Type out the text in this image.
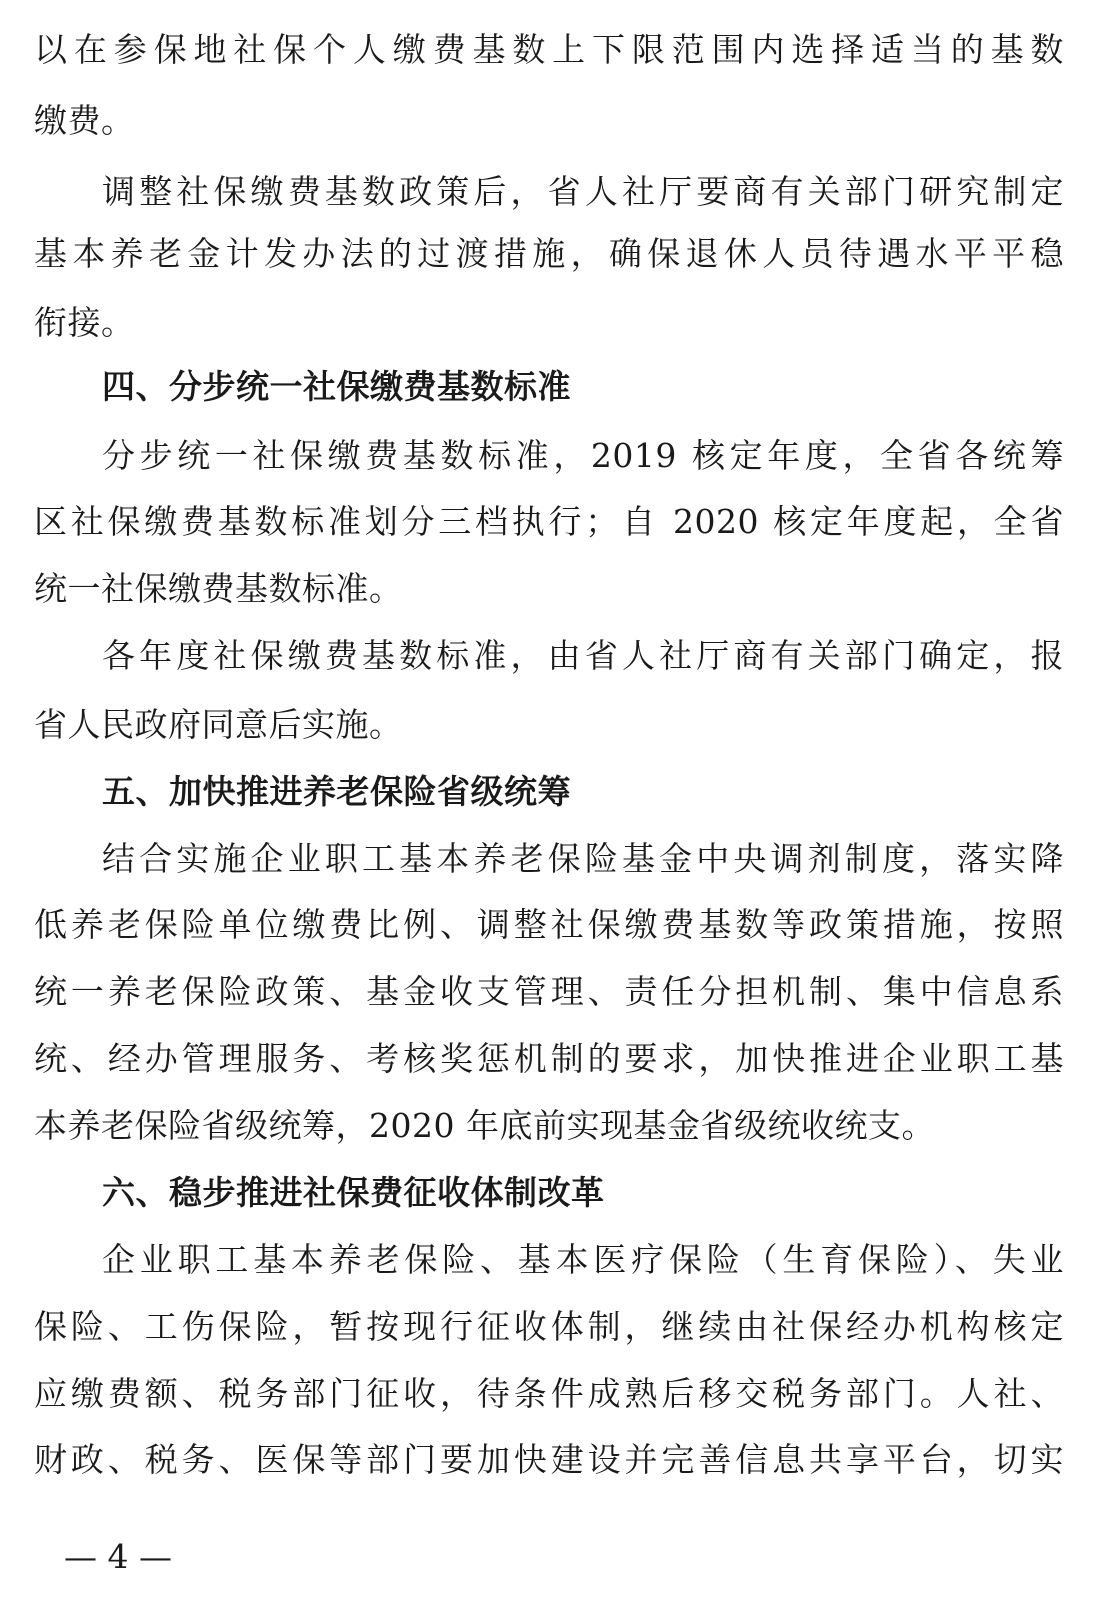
以在参保地社保个人缴费基数上下限范围内选择适当的基数
缴费。
调整社保缴费基数政策后，省人社厅要商有关部门研究制定
基本养老金计发办法的过渡措施，确保退休人员待遇水平平稳
衔接。
四、分步统一社保缴费基数标准
分步统一社保缴费基数标准，2019 核定年度，全省各统筹
区社保缴费基数标准划分三档执行；自 2020 核定年度起，全省
统一社保缴费基数标准。
各年度社保缴费基数标准，由省人社厅商有关部门确定，报
省人民政府同意后实施。
五、加快推进养老保险省级统筹
结合实施企业职工基本养老保险基金中央调剂制度，落实降
低养老保险单位缴费比例、调整社保缴费基数等政策措施，按照
统一养老保险政策、基金收支管理、责任分担机制、集中信息系
统、经办管理服务、考核奖惩机制的要求，加快推进企业职工基
本养老保险省级统筹，2020 年底前实现基金省级统收统支。
六、稳步推进社保费征收体制改革
企业职工基本养老保险、基本医疗保险（生育保险）、失业
保险、工伤保险，暂按现行征收体制，继续由社保经办机构核定
应缴费额、税务部门征收，待条件成熟后移交税务部门。人社、
财政、税务、医保等部门要加快建设并完善信息共享平台，切实
— 4 —
